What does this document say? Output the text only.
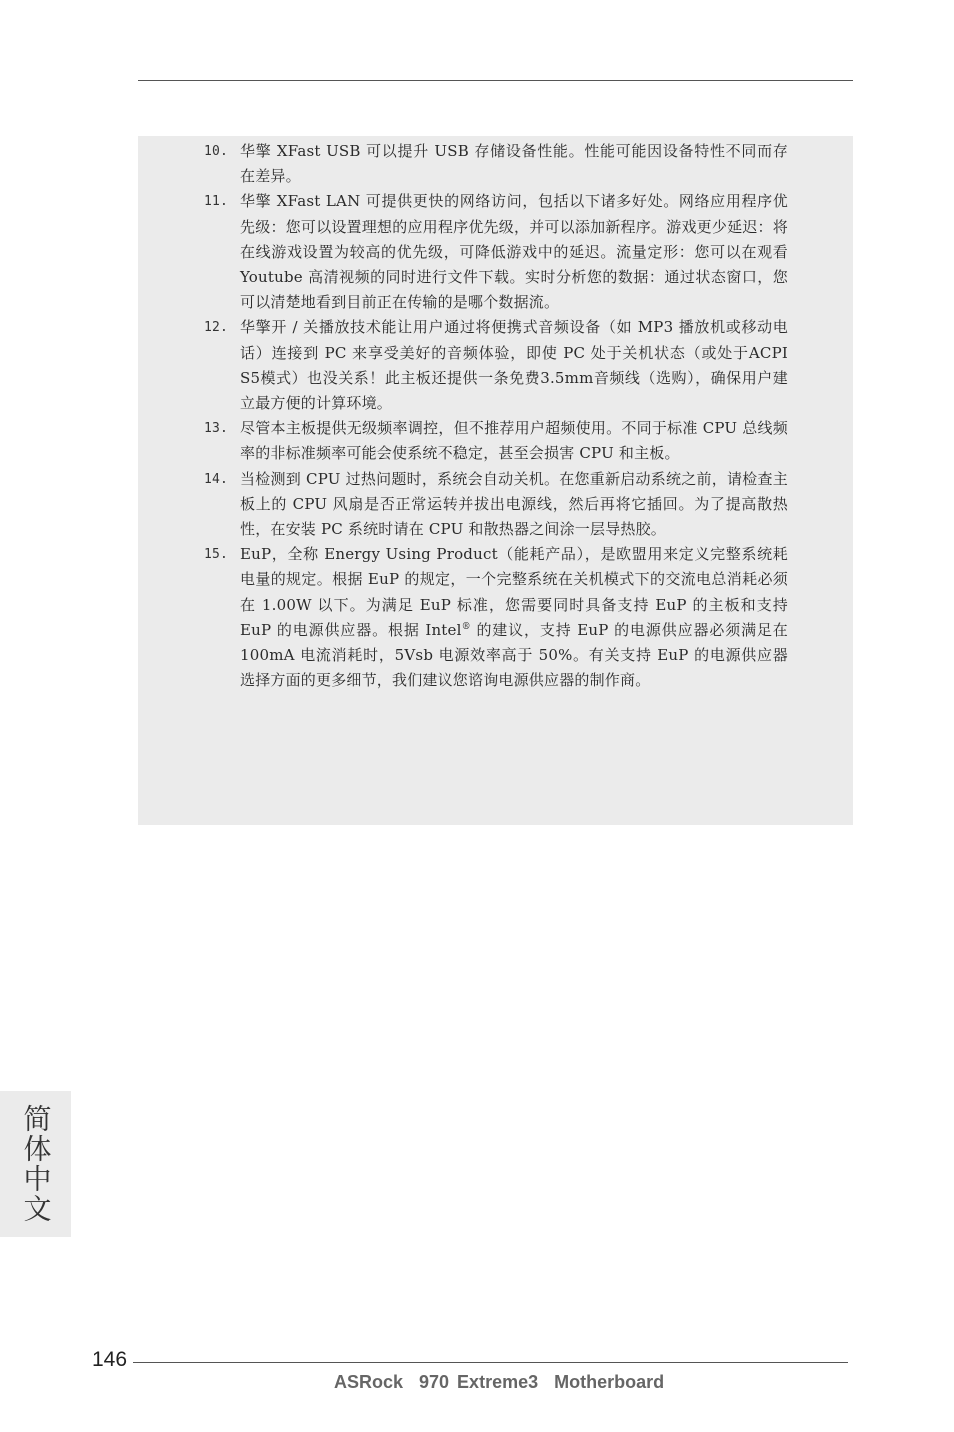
10. 华擎 XFast USB 可以提升 USB 存储设备性能。性能可能因设备特性不同而存在差异。
11. 华擎 XFast LAN 可提供更快的网络访问，包括以下诸多好处。网络应用程序优先级：您可以设置理想的应用程序优先级，并可以添加新程序。游戏更少延迟：将在线游戏设置为较高的优先级，可降低游戏中的延迟。流量定形：您可以在观看 Youtube 高清视频的同时进行文件下载。实时分析您的数据：通过状态窗口，您可以清楚地看到目前正在传输的是哪个数据流。
12. 华擎开 / 关播放技术能让用户通过将便携式音频设备（如 MP3 播放机或移动电话）连接到 PC 来享受美好的音频体验，即使 PC 处于关机状态（或处于ACPI S5模式）也没关系！此主板还提供一条免费3.5mm音频线（选购），确保用户建立最方便的计算环境。
13. 尽管本主板提供无级频率调控，但不推荐用户超频使用。不同于标准 CPU 总线频率的非标准频率可能会使系统不稳定，甚至会损害 CPU 和主板。
14. 当检测到 CPU 过热问题时，系统会自动关机。在您重新启动系统之前，请检查主板上的 CPU 风扇是否正常运转并拔出电源线，然后再将它插回。为了提高散热性，在安装 PC 系统时请在 CPU 和散热器之间涂一层导热胶。
15. EuP，全称 Energy Using Product（能耗产品），是欧盟用来定义完整系统耗电量的规定。根据 EuP 的规定，一个完整系统在关机模式下的交流电总消耗必须在 1.00W 以下。为满足 EuP 标准，您需要同时具备支持 EuP 的主板和支持 EuP 的电源供应器。根据 Intel® 的建议，支持 EuP 的电源供应器必须满足在 100mA 电流消耗时，5Vsb 电源效率高于 50%。有关支持 EuP 的电源供应器选择方面的更多细节，我们建议您谘询电源供应器的制作商。
简体中文
146
ASRock  970 Extreme3  Motherboard
